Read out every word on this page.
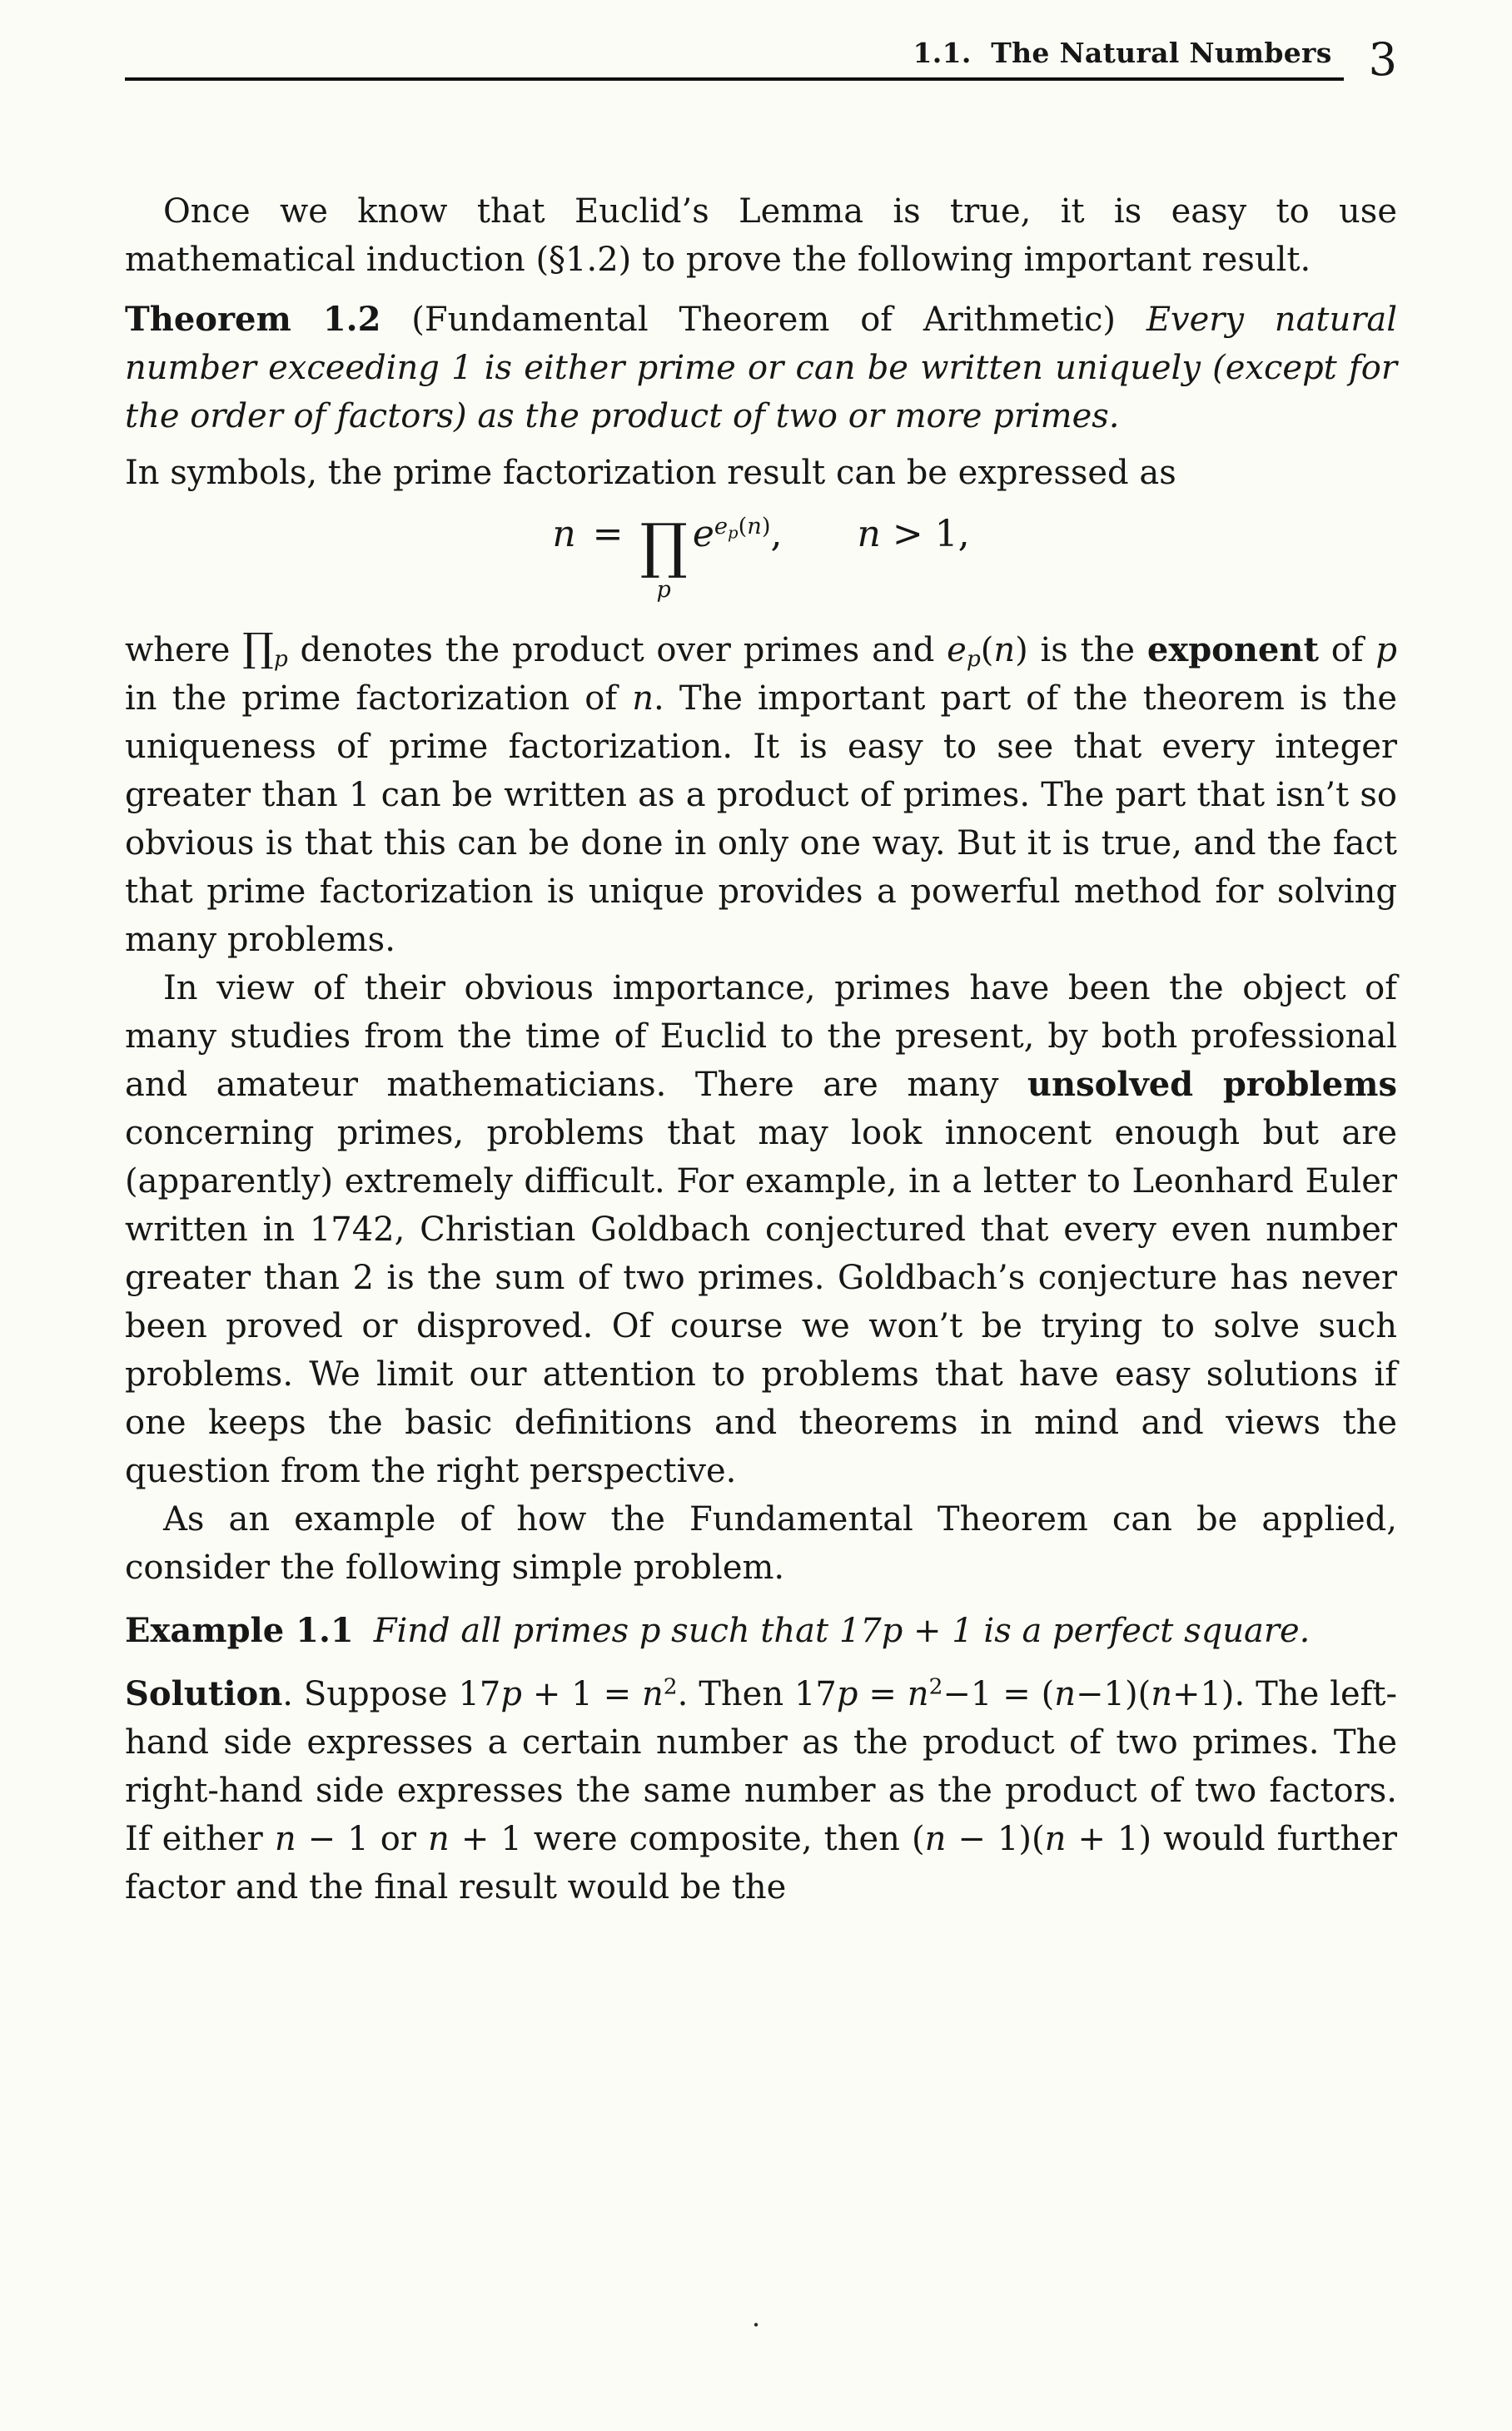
1.1.  The Natural Numbers 3

Once we know that Euclid’s Lemma is true, it is easy to use mathematical induction (§1.2) to prove the following important result.

Theorem 1.2 (Fundamental Theorem of Arithmetic) Every natural number exceeding 1 is either prime or can be written uniquely (except for the order of factors) as the product of two or more primes.

In symbols, the prime factorization result can be expressed as

n = ∏
p
$ee_p(n)$, n > 1,

where $\prod_p$ denotes the product over primes and $e_p(n)$ is the exponent of p in the prime factorization of n. The important part of the theorem is the uniqueness of prime factorization. It is easy to see that every integer greater than 1 can be written as a product of primes. The part that isn’t so obvious is that this can be done in only one way. But it is true, and the fact that prime factorization is unique provides a powerful method for solving many problems.

In view of their obvious importance, primes have been the object of many studies from the time of Euclid to the present, by both professional and amateur mathematicians. There are many unsolved problems concerning primes, problems that may look innocent enough but are (apparently) extremely difficult. For example, in a letter to Leonhard Euler written in 1742, Christian Goldbach conjectured that every even number greater than 2 is the sum of two primes. Goldbach’s conjecture has never been proved or disproved. Of course we won’t be trying to solve such problems. We limit our attention to problems that have easy solutions if one keeps the basic definitions and theorems in mind and views the question from the right perspective.

As an example of how the Fundamental Theorem can be applied, consider the following simple problem.

Example 1.1 Find all primes p such that 17p + 1 is a perfect square.

Solution. Suppose $17p + 1 = n^2$. Then $17p = n^2-1 = (n-1)(n+1)$. The left-hand side expresses a certain number as the product of two primes. The right-hand side expresses the same number as the product of two factors. If either n − 1 or n + 1 were composite, then (n − 1)(n + 1) would further factor and the final result would be the

.
